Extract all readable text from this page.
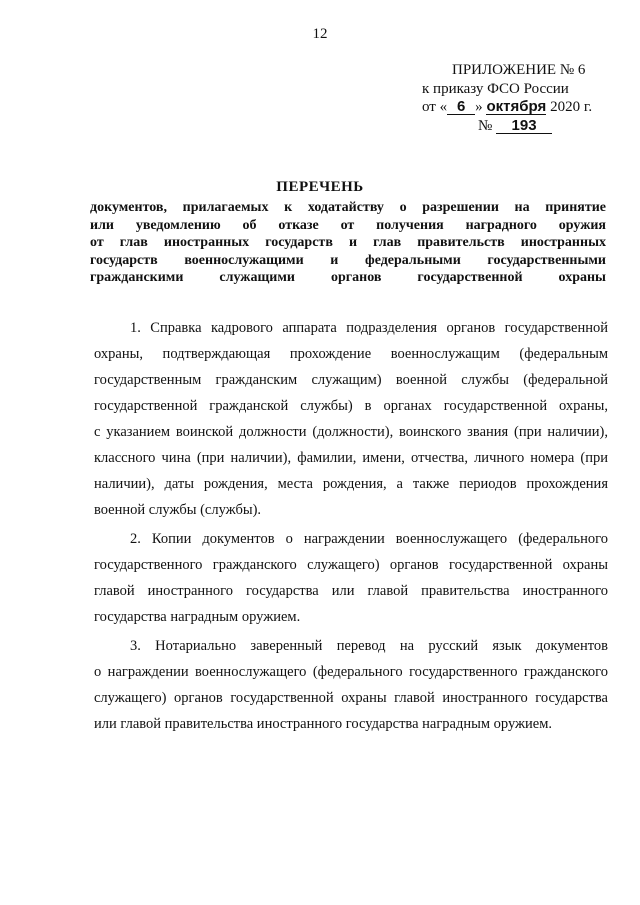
12
ПРИЛОЖЕНИЕ № 6
к приказу ФСО России
от « 6 » октября 2020 г.
№ 193
ПЕРЕЧЕНЬ
документов, прилагаемых к ходатайству о разрешении на принятие
или уведомлению об отказе от получения наградного оружия
от глав иностранных государств и глав правительств иностранных
государств военнослужащими и федеральными государственными
гражданскими служащими органов государственной охраны
1. Справка кадрового аппарата подразделения органов государственной
охраны, подтверждающая прохождение военнослужащим (федеральным
государственным гражданским служащим) военной службы (федеральной
государственной гражданской службы) в органах государственной охраны,
с указанием воинской должности (должности), воинского звания (при наличии),
классного чина (при наличии), фамилии, имени, отчества, личного номера (при
наличии), даты рождения, места рождения, а также периодов прохождения
военной службы (службы).
2. Копии документов о награждении военнослужащего (федерального
государственного гражданского служащего) органов государственной охраны
главой иностранного государства или главой правительства иностранного
государства наградным оружием.
3. Нотариально заверенный перевод на русский язык документов
о награждении военнослужащего (федерального государственного гражданского
служащего) органов государственной охраны главой иностранного государства
или главой правительства иностранного государства наградным оружием.
